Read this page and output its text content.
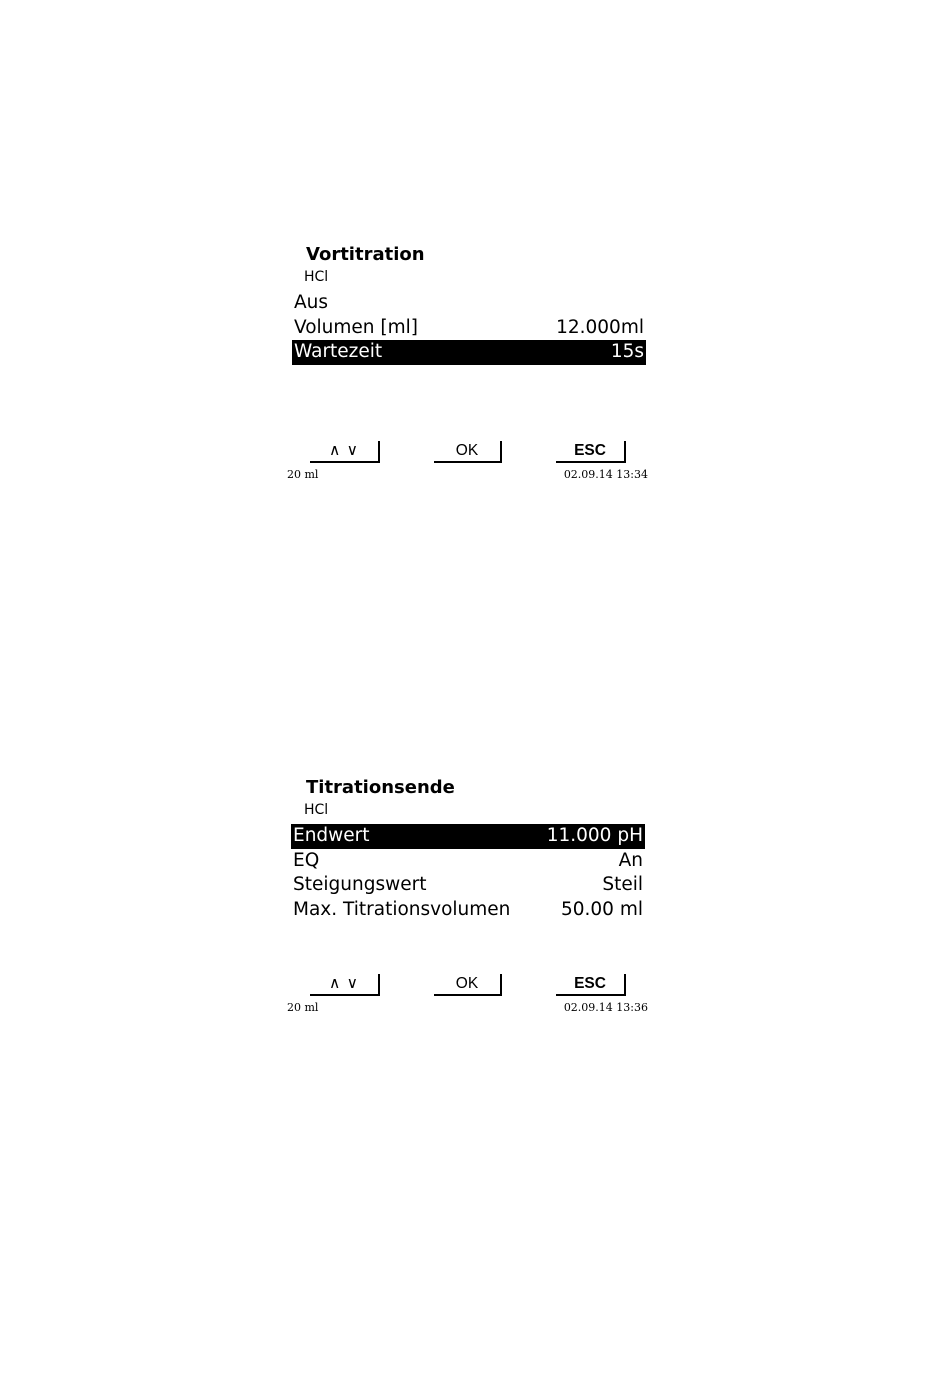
Vortitration
HCl
Aus
Volumen [ml]	12.000ml
Wartezeit	15s
∧ ∨	OK	ESC
20 ml	02.09.14 13:34
Titrationsende
HCl
Endwert	11.000 pH
EQ	An
Steigungswert	Steil
Max. Titrationsvolumen	50.00 ml
∧ ∨	OK	ESC
20 ml	02.09.14 13:36
